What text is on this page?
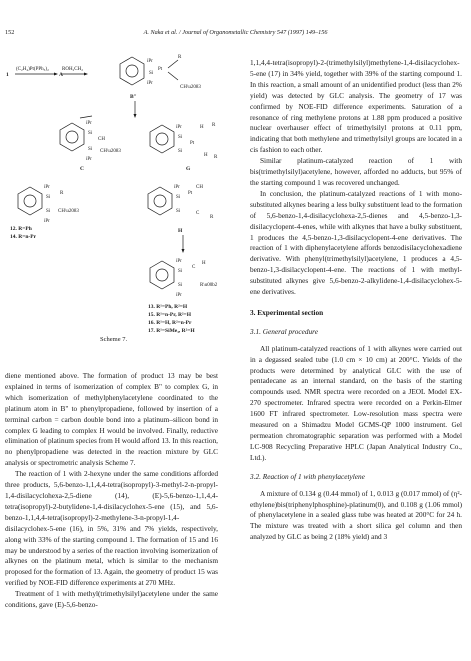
152	A. Naka et al. / Journal of Organometallic Chemistry 547 (1997) 149–156
(C₂H₄)Pt(PPh₃)₂	ROH₂CH₂
1	A
iPr
Si
Pt
iPr
R
CH\u2083
B"
iPr
Si
CH
Si CH\u2083
iPr
C
iPr
Si
Pt
Si
H R
H R
G
iPr
Si
R
Si CH\u2083
iPr
12. R=Ph
14. R=n-Pr
iPr
Si
Pt
Si
CH
C
R
H
iPr
Si
C
H
Si	R\u00b2
iPr
13. R¹=Ph, R²=H
15. R¹=n-Pr, R²=H
16. R¹=H, R²=n-Pr
17. R¹=SiMe₃, R²=H
Scheme 7.

diene mentioned above. The formation of product 13 may be best explained in terms of isomerization of complex B" to complex G, in which isomerization of methylphenylacetylene coordinated to the platinum atom in B" to phenylpropadiene, followed by insertion of a terminal carbon = carbon double bond into a platinum–silicon bond in complex G leading to complex H would be involved. Finally, reductive elimination of platinum species from H would afford 13. In this reaction, no phenylpropadiene was detected in the reaction mixture by GLC analysis or spectrometric analysis Scheme 7.

The reaction of 1 with 2-hexyne under the same conditions afforded three products, 5,6-benzo-1,1,4,4-tetra(isopropyl)-3-methyl-2-n-propyl-1,4-disilacyclohexa-2,5-diene (14), (E)-5,6-benzo-1,1,4,4-tetra(isopropyl)-2-butylidene-1,4-disilacyclohex-5-ene (15), and 5,6-benzo-1,1,4,4-tetra(isopropyl)-2-methylene-3-n-propyl-1,4-disilacyclohex-5-ene (16), in 5%, 31% and 7% yields, respectively, along with 33% of the starting compound 1. The formation of 15 and 16 may be understood by a series of the reaction involving isomerization of alkynes on the platinum metal, which is similar to the mechanism proposed for the formation of 13. Again, the geometry of product 15 was verified by NOE-FID difference experiments at 270 MHz.

Treatment of 1 with methyl(trimethylsilyl)acetylene under the same conditions, gave (E)-5,6-benzo-

1,1,4,4-tetra(isopropyl)-2-(trimethylsilyl)methylene-1,4-disilacyclohex-5-ene (17) in 34% yield, together with 39% of the starting compound 1. In this reaction, a small amount of an unidentified product (less than 2% yield) was detected by GLC analysis. The geometry of 17 was confirmed by NOE-FID difference experiments. Saturation of a resonance of ring methylene protons at 1.88 ppm produced a positive nuclear overhauser effect of trimethylsilyl protons at 0.11 ppm, indicating that both methylene and trimethylsilyl groups are located in a cis fashion to each other.

Similar platinum-catalyzed reaction of 1 with bis(trimethylsilyl)acetylene, however, afforded no adducts, but 95% of the starting compound 1 was recovered unchanged.

In conclusion, the platinum-catalyzed reactions of 1 with mono-substituted alkynes bearing a less bulky substituent lead to the formation of 5,6-benzo-1,4-disilacyclohexa-2,5-dienes and 4,5-benzo-1,3-disilacyclopent-4-enes, while with alkynes that have a bulky substituent, 1 produces the 4,5-benzo-1,3-disilacyclopent-4-ene derivatives. The reaction of 1 with diphenylacetylene affords benzodisilacyclohexadiene derivative. With phenyl(trimethylsilyl)acetylene, 1 produces a 4,5-benzo-1,3-disilacyclopent-4-ene. The reactions of 1 with methyl-substituted alkynes give 5,6-benzo-2-alkylidene-1,4-disilacyclohex-5-ene derivatives.

3. Experimental section

3.1. General procedure

All platinum-catalyzed reactions of 1 with alkynes were carried out in a degassed sealed tube (1.0 cm × 10 cm) at 200°C. Yields of the products were determined by analytical GLC with the use of pentadecane as an internal standard, on the basis of the starting compounds used. NMR spectra were recorded on a JEOL Model EX-270 spectrometer. Infrared spectra were recorded on a Perkin-Elmer 1600 FT infrared spectrometer. Low-resolution mass spectra were measured on a Shimadzu Model GCMS-QP 1000 instrument. Gel permeation chromatographic separation was performed with a Model LC-908 Recycling Preparative HPLC (Japan Analytical Industry Co., Ltd.).

3.2. Reaction of 1 with phenylacetylene

A mixture of 0.134 g (0.44 mmol) of 1, 0.013 g (0.017 mmol) of (η²-ethylene)bis(triphenylphosphine)-platinum(0), and 0.108 g (1.06 mmol) of phenylacetylene in a sealed glass tube was heated at 200°C for 24 h. The mixture was treated with a short silica gel column and then analyzed by GLC as being 2 (18% yield) and 3
